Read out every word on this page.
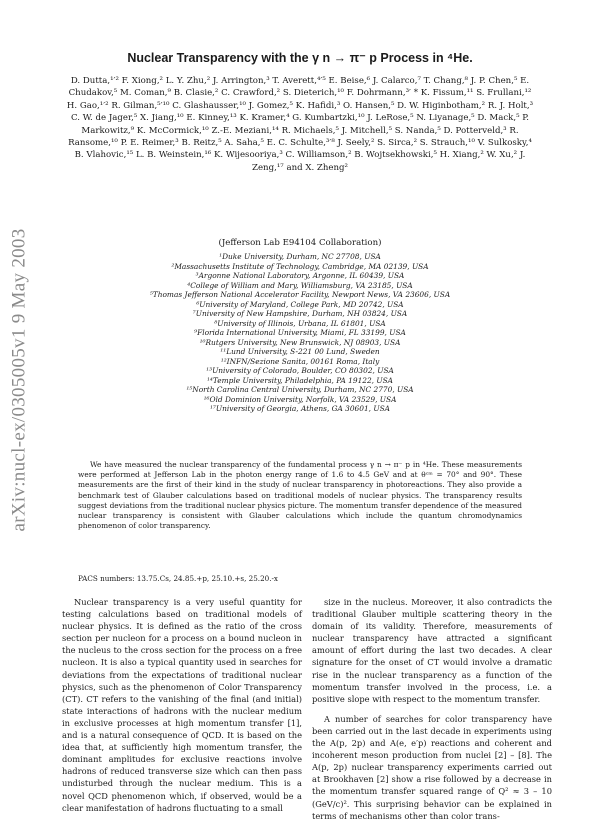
arXiv:nucl-ex/0305005v1 9 May 2003
Nuclear Transparency with the γ n → π⁻ p Process in ⁴He.
D. Dutta,¹′² F. Xiong,² L. Y. Zhu,² J. Arrington,³ T. Averett,⁴′⁵ E. Beise,⁶ J. Calarco,⁷ T. Chang,⁸ J. P. Chen,⁵ E. Chudakov,⁵ M. Coman,⁹ B. Clasie,² C. Crawford,² S. Dieterich,¹⁰ F. Dohrmann,³′ * K. Fissum,¹¹ S. Frullani,¹² H. Gao,¹′² R. Gilman,⁵′¹⁰ C. Glashausser,¹⁰ J. Gomez,⁵ K. Hafidi,³ O. Hansen,⁵ D. W. Higinbotham,² R. J. Holt,³ C. W. de Jager,⁵ X. Jiang,¹⁰ E. Kinney,¹³ K. Kramer,⁴ G. Kumbartzki,¹⁰ J. LeRose,⁵ N. Liyanage,⁵ D. Mack,⁵ P. Markowitz,⁹ K. McCormick,¹⁰ Z.-E. Meziani,¹⁴ R. Michaels,⁵ J. Mitchell,⁵ S. Nanda,⁵ D. Potterveld,³ R. Ransome,¹⁰ P. E. Reimer,³ B. Reitz,⁵ A. Saha,⁵ E. C. Schulte,³′⁸ J. Seely,² S. Sirca,² S. Strauch,¹⁰ V. Sulkosky,⁴ B. Vlahovic,¹⁵ L. B. Weinstein,¹⁶ K. Wijesooriya,³ C. Williamson,² B. Wojtsekhowski,⁵ H. Xiang,² W. Xu,² J. Zeng,¹⁷ and X. Zheng²
(Jefferson Lab E94104 Collaboration)
¹Duke University, Durham, NC 27708, USA
²Massachusetts Institute of Technology, Cambridge, MA 02139, USA
³Argonne National Laboratory, Argonne, IL 60439, USA
⁴College of William and Mary, Williamsburg, VA 23185, USA
⁵Thomas Jefferson National Accelerator Facility, Newport News, VA 23606, USA
⁶University of Maryland, College Park, MD 20742, USA
⁷University of New Hampshire, Durham, NH 03824, USA
⁸University of Illinois, Urbana, IL 61801, USA
⁹Florida International University, Miami, FL 33199, USA
¹⁰Rutgers University, New Brunswick, NJ 08903, USA
¹¹Lund University, S-221 00 Lund, Sweden
¹²INFN/Sezione Sanita, 00161 Roma, Italy
¹³University of Colorado, Boulder, CO 80302, USA
¹⁴Temple University, Philadelphia, PA 19122, USA
¹⁵North Carolina Central University, Durham, NC 2770, USA
¹⁶Old Dominion University, Norfolk, VA 23529, USA
¹⁷University of Georgia, Athens, GA 30601, USA
We have measured the nuclear transparency of the fundamental process γ n → π⁻ p in ⁴He. These measurements were performed at Jefferson Lab in the photon energy range of 1.6 to 4.5 GeV and at θᶜᵐ = 70° and 90°. These measurements are the first of their kind in the study of nuclear transparency in photoreactions. They also provide a benchmark test of Glauber calculations based on traditional models of nuclear physics. The transparency results suggest deviations from the traditional nuclear physics picture. The momentum transfer dependence of the measured nuclear transparency is consistent with Glauber calculations which include the quantum chromodynamics phenomenon of color transparency.
PACS numbers: 13.75.Cs, 24.85.+p, 25.10.+s, 25.20.-x

Nuclear transparency is a very useful quantity for testing calculations based on traditional models of nuclear physics. It is defined as the ratio of the cross section per nucleon for a process on a bound nucleon in the nucleus to the cross section for the process on a free nucleon. It is also a typical quantity used in searches for deviations from the expectations of traditional nuclear physics, such as the phenomenon of Color Transparency (CT). CT refers to the vanishing of the final (and initial) state interactions of hadrons with the nuclear medium in exclusive processes at high momentum transfer [1], and is a natural consequence of QCD. It is based on the idea that, at sufficiently high momentum transfer, the dominant amplitudes for exclusive reactions involve hadrons of reduced transverse size which can then pass undisturbed through the nuclear medium. This is a novel QCD phenomenon which, if observed, would be a clear manifestation of hadrons fluctuating to a small

size in the nucleus. Moreover, it also contradicts the traditional Glauber multiple scattering theory in the domain of its validity. Therefore, measurements of nuclear transparency have attracted a significant amount of effort during the last two decades. A clear signature for the onset of CT would involve a dramatic rise in the nuclear transparency as a function of the momentum transfer involved in the process, i.e. a positive slope with respect to the momentum transfer.

A number of searches for color transparency have been carried out in the last decade in experiments using the A(p, 2p) and A(e, e′p) reactions and coherent and incoherent meson production from nuclei [2] – [8]. The A(p, 2p) nuclear transparency experiments carried out at Brookhaven [2] show a rise followed by a decrease in the momentum transfer squared range of Q² ≈ 3 – 10 (GeV/c)². This surprising behavior can be explained in terms of mechanisms other than color trans-
